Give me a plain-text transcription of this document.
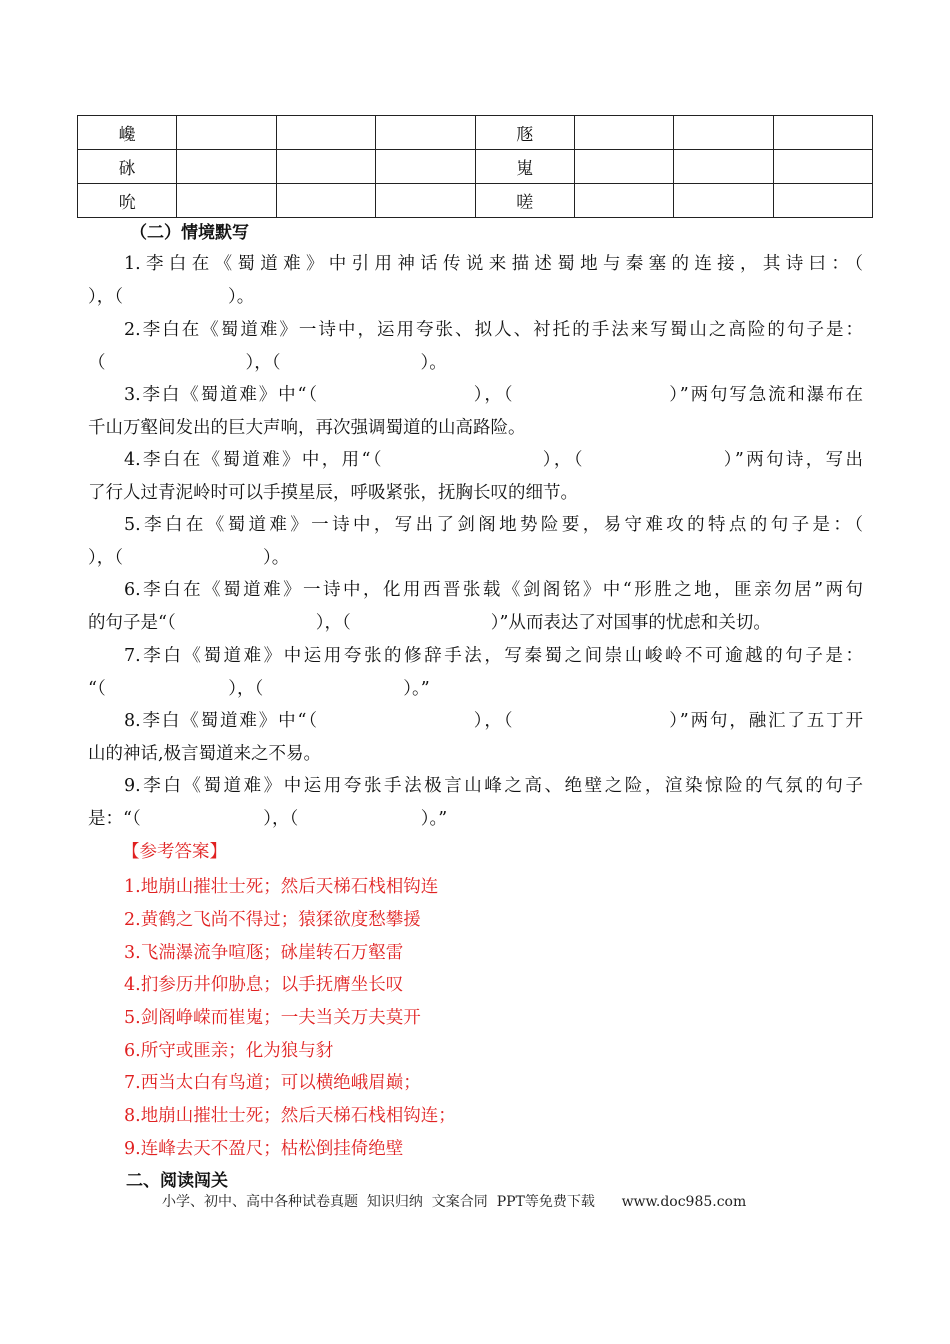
巉				豗			
砯				嵬			
吮				嗟			
（二）情境默写
1.李白在《蜀道难》中引用神话传说来描述蜀地与秦塞的连接，其诗曰：（
），（　　　　　　）。
2.李白在《蜀道难》一诗中，运用夸张、拟人、衬托的手法来写蜀山之高险的句子是：
（　　　　　　　　），（　　　　　　　　）。
3.李白《蜀道难》中“（　　　　　　　　），（　　　　　　　　）”两句写急流和瀑布在
千山万壑间发出的巨大声响，再次强调蜀道的山高路险。
4.李白在《蜀道难》中，用“（　　　　　　　　），（　　　　　　　）”两句诗，写出
了行人过青泥岭时可以手摸星辰，呼吸紧张，抚胸长叹的细节。
5.李白在《蜀道难》一诗中，写出了剑阁地势险要，易守难攻的特点的句子是：（
），（　　　　　　　　）。
6.李白在《蜀道难》一诗中，化用西晋张载《剑阁铭》中“形胜之地，匪亲勿居”两句
的句子是“（　　　　　　　　），（　　　　　　　　）”从而表达了对国事的忧虑和关切。
7.李白《蜀道难》中运用夸张的修辞手法，写秦蜀之间崇山峻岭不可逾越的句子是：
“（　　　　　　　），（　　　　　　　　）。”
8.李白《蜀道难》中“（　　　　　　　　），（　　　　　　　　）”两句，融汇了五丁开
山的神话,极言蜀道来之不易。
9.李白《蜀道难》中运用夸张手法极言山峰之高、绝壁之险，渲染惊险的气氛的句子
是：“（　　　　　　　），（　　　　　　　）。”
【参考答案】
1.地崩山摧壮士死；然后天梯石栈相钩连
2.黄鹤之飞尚不得过；猿猱欲度愁攀援
3.飞湍瀑流争喧豗；砯崖转石万壑雷
4.扪参历井仰胁息；以手抚膺坐长叹
5.剑阁峥嵘而崔嵬；一夫当关万夫莫开
6.所守或匪亲；化为狼与豺
7.西当太白有鸟道；可以横绝峨眉巅；
8.地崩山摧壮士死；然后天梯石栈相钩连；
9.连峰去天不盈尺；枯松倒挂倚绝壁
二、阅读闯关
小学、初中、高中各种试卷真题  知识归纳  文案合同  PPT等免费下载      www.doc985.com
